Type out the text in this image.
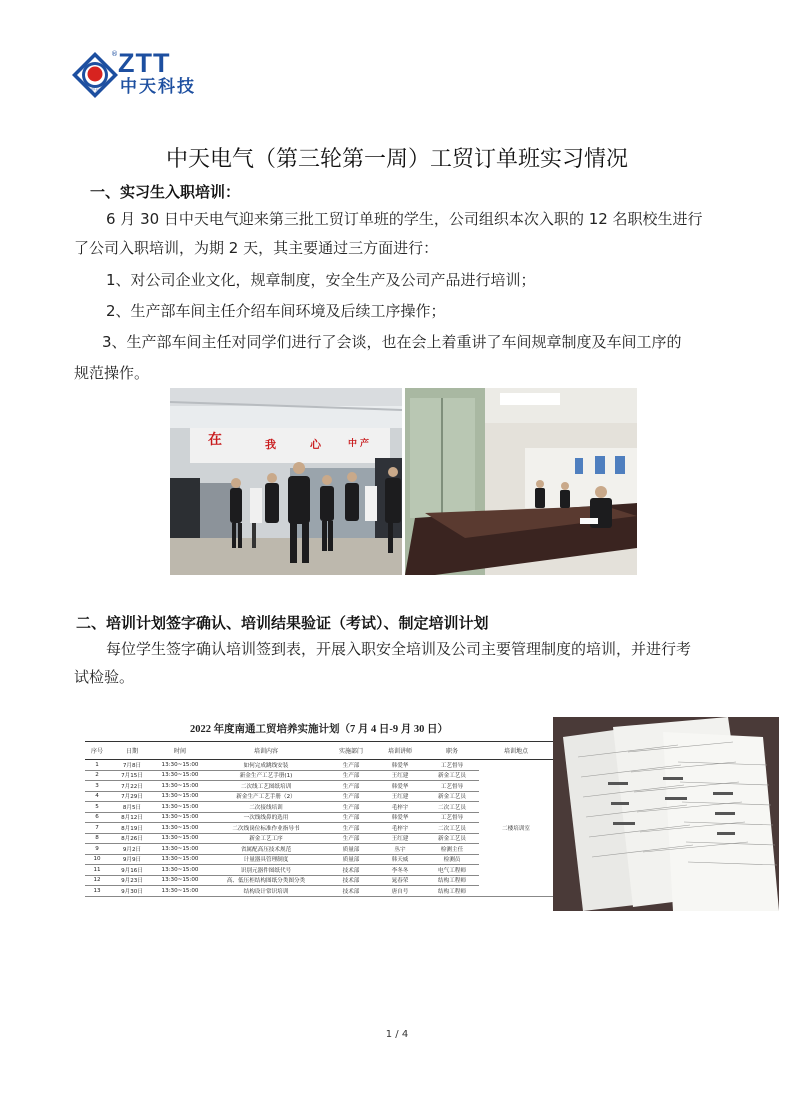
中天
® ZTT
中天科技
中天电气（第三轮第一周）工贸订单班实习情况
一、实习生入职培训：
6 月 30 日中天电气迎来第三批工贸订单班的学生，公司组织本次入职的 12 名职校生进行
了公司入职培训，为期 2 天，其主要通过三方面进行：
1、对公司企业文化，规章制度，安全生产及公司产品进行培训；
2、生产部车间主任介绍车间环境及后续工序操作；
3、生产部车间主任对同学们进行了会谈，也在会上着重讲了车间规章制度及车间工序的
规范操作。
在	我	心	中 产
二、培训计划签字确认、培训结果验证（考试）、制定培训计划
每位学生签字确认培训签到表，开展入职安全培训及公司主要管理制度的培训，并进行考
试检验。
2022 年度南通工贸培养实施计划（7 月 4 日-9 月 30 日）
序号	日期	时间	培训内容	实施部门	培训讲师	职务	培训地点
1	7月8日	13:30~15:00	如何完成跳线安装	生产部	韩爱华	工艺督导	二楼培训室
2	7月15日	13:30~15:00	新金生产工艺手册(1)	生产部	王红建	新金工艺员	
3	7月22日	13:30~15:00	二次线工艺图纸培训	生产部	韩爱华	工艺督导	
4	7月29日	13:30~15:00	新金生产工艺手册（2）	生产部	王红建	新金工艺员	
5	8月5日	13:30~15:00	二次接线培训	生产部	毛梓宇	二次工艺员	
6	8月12日	13:30~15:00	一次线线鼻的选用	生产部	韩爱华	工艺督导	
7	8月19日	13:30~15:00	二次线岗位标准作业指导书	生产部	毛梓宇	二次工艺员	
8	8月26日	13:30~15:00	新金工艺工序	生产部	王红建	新金工艺员	
9	9月2日	13:30~15:00	省属配高压技术规范	质量部	丛宇	检测主任	
10	9月9日	13:30~15:00	计量器具管理制度	质量部	韩天威	检测员	
11	9月16日	13:30~15:00	识别元器件图纸代号	技术部	李冬冬	电气工程师	
12	9月23日	13:30~15:00	高、低压柜结构图纸分类图分类	技术部	晁春荣	结构工程师	
13	9月30日	13:30~15:00	结构设计常识培训	技术部	唐自号	结构工程师	
1 / 4
